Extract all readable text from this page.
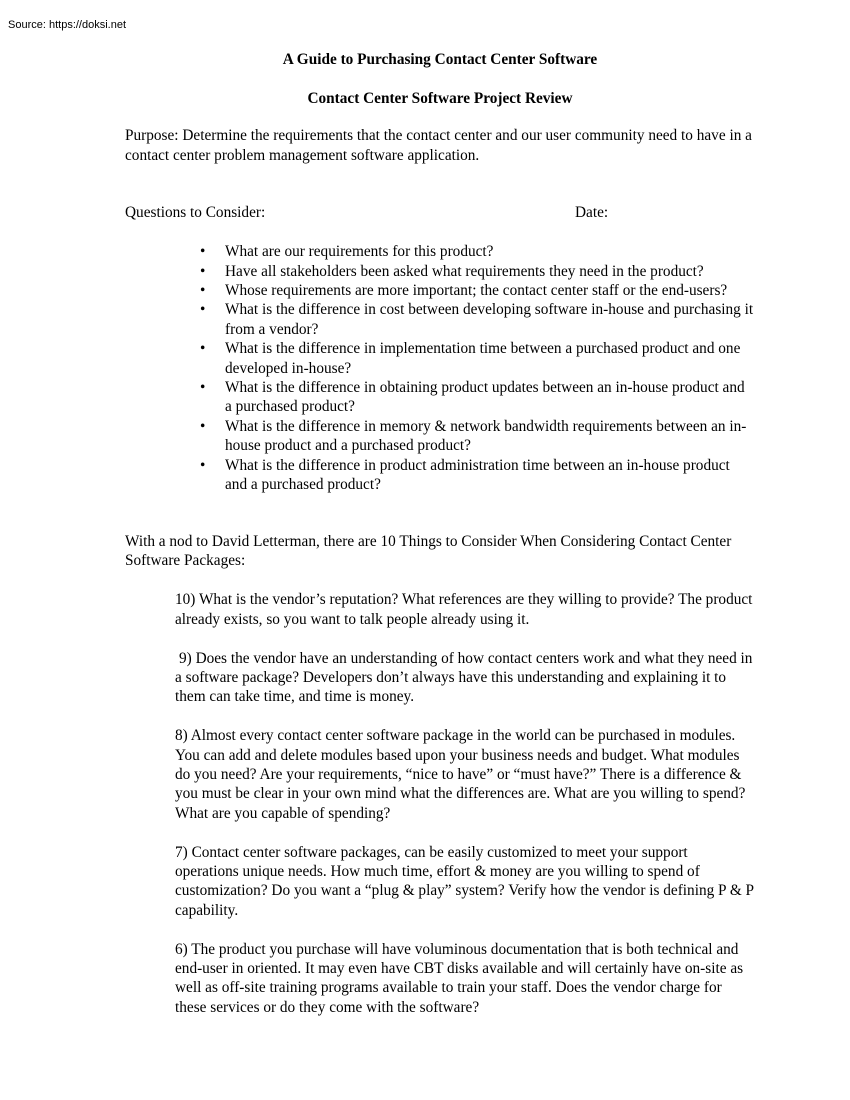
Source: https://doksi.net

A Guide to Purchasing Contact Center Software

Contact Center Software Project Review

Purpose: Determine the requirements that the contact center and our user community need to have in a contact center problem management software application.

Questions to Consider:	Date:
• What are our requirements for this product?
• Have all stakeholders been asked what requirements they need in the product?
• Whose requirements are more important; the contact center staff or the end-users?
• What is the difference in cost between developing software in-house and purchasing it from a vendor?
• What is the difference in implementation time between a purchased product and one developed in-house?
• What is the difference in obtaining product updates between an in-house product and a purchased product?
• What is the difference in memory & network bandwidth requirements between an in-house product and a purchased product?
• What is the difference in product administration time between an in-house product and a purchased product?

With a nod to David Letterman, there are 10 Things to Consider When Considering Contact Center Software Packages:

10) What is the vendor’s reputation? What references are they willing to provide? The product already exists, so you want to talk people already using it.

9) Does the vendor have an understanding of how contact centers work and what they need in a software package? Developers don’t always have this understanding and explaining it to them can take time, and time is money.

8) Almost every contact center software package in the world can be purchased in modules. You can add and delete modules based upon your business needs and budget. What modules do you need? Are your requirements, “nice to have” or “must have?” There is a difference & you must be clear in your own mind what the differences are. What are you willing to spend? What are you capable of spending?

7) Contact center software packages, can be easily customized to meet your support operations unique needs. How much time, effort & money are you willing to spend of customization? Do you want a “plug & play” system? Verify how the vendor is defining P & P capability.

6) The product you purchase will have voluminous documentation that is both technical and end-user in oriented. It may even have CBT disks available and will certainly have on-site as well as off-site training programs available to train your staff. Does the vendor charge for these services or do they come with the software?
